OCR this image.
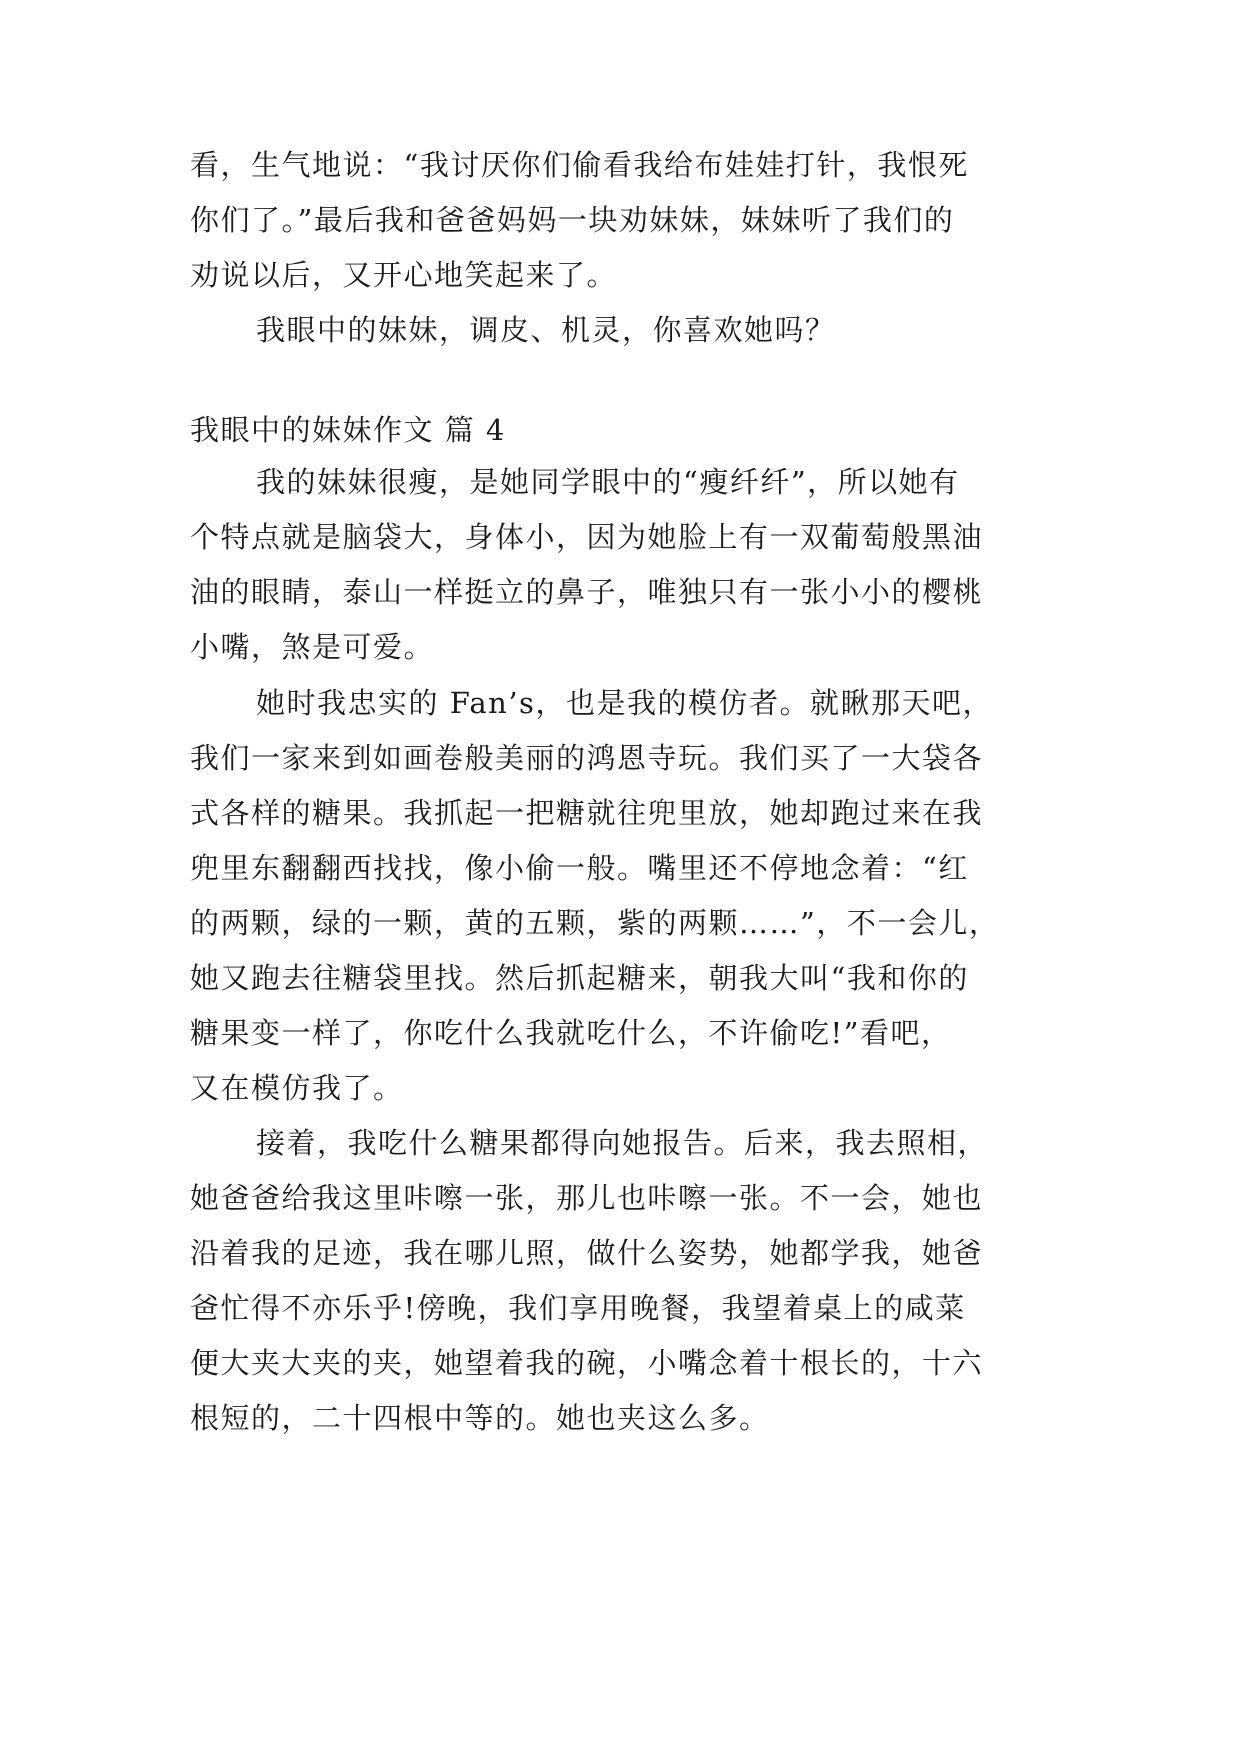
看，生气地说：“我讨厌你们偷看我给布娃娃打针，我恨死
你们了。”最后我和爸爸妈妈一块劝妹妹，妹妹听了我们的
劝说以后，又开心地笑起来了。
我眼中的妹妹，调皮、机灵，你喜欢她吗？
我眼中的妹妹作文 篇 4
我的妹妹很瘦，是她同学眼中的“瘦纤纤”，所以她有
个特点就是脑袋大，身体小，因为她脸上有一双葡萄般黑油
油的眼睛，泰山一样挺立的鼻子，唯独只有一张小小的樱桃
小嘴，煞是可爱。
她时我忠实的 Fan’s，也是我的模仿者。就瞅那天吧，
我们一家来到如画卷般美丽的鸿恩寺玩。我们买了一大袋各
式各样的糖果。我抓起一把糖就往兜里放，她却跑过来在我
兜里东翻翻西找找，像小偷一般。嘴里还不停地念着：“红
的两颗，绿的一颗，黄的五颗，紫的两颗……”，不一会儿，
她又跑去往糖袋里找。然后抓起糖来，朝我大叫“我和你的
糖果变一样了，你吃什么我就吃什么，不许偷吃!”看吧，
又在模仿我了。
接着，我吃什么糖果都得向她报告。后来，我去照相，
她爸爸给我这里咔嚓一张，那儿也咔嚓一张。不一会，她也
沿着我的足迹，我在哪儿照，做什么姿势，她都学我，她爸
爸忙得不亦乐乎!傍晚，我们享用晚餐，我望着桌上的咸菜
便大夹大夹的夹，她望着我的碗，小嘴念着十根长的，十六
根短的，二十四根中等的。她也夹这么多。
